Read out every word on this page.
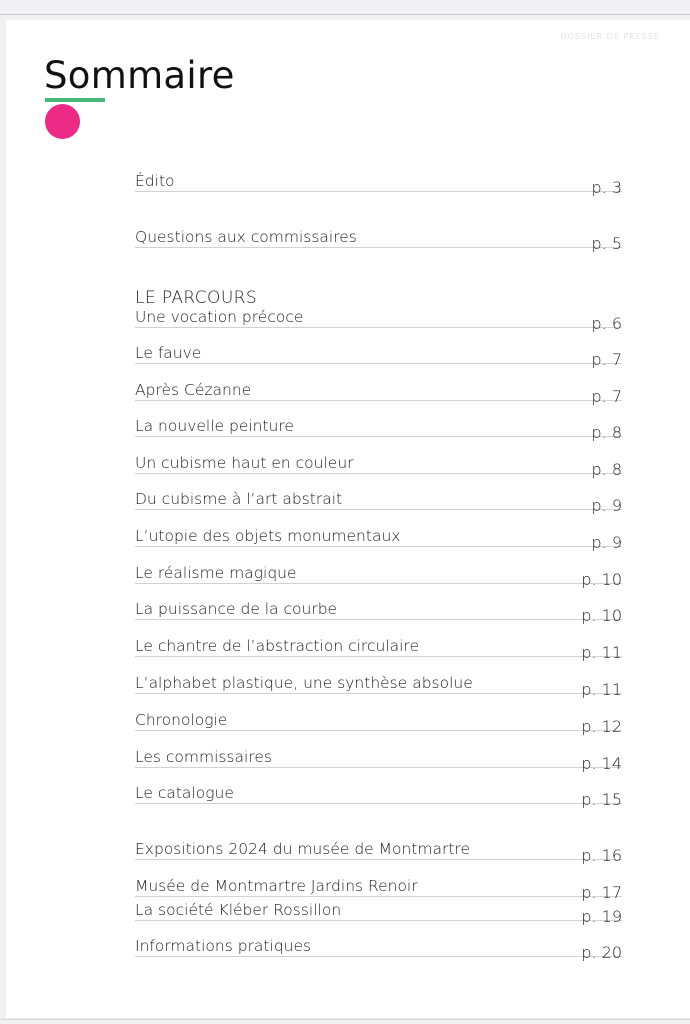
DOSSIER DE PRESSE
Sommaire
LE PARCOURS
Édito	p. 3
Questions aux commissaires	p. 5
Une vocation précoce	p. 6
Le fauve	p. 7
Après Cézanne	p. 7
La nouvelle peinture	p. 8
Un cubisme haut en couleur	p. 8
Du cubisme à l’art abstrait	p. 9
L’utopie des objets monumentaux	p. 9
Le réalisme magique	p. 10
La puissance de la courbe	p. 10
Le chantre de l’abstraction circulaire	p. 11
L’alphabet plastique, une synthèse absolue	p. 11
Chronologie	p. 12
Les commissaires	p. 14
Le catalogue	p. 15
Expositions 2024 du musée de Montmartre	p. 16
Musée de Montmartre Jardins Renoir	p. 17
La société Kléber Rossillon	p. 19
Informations pratiques	p. 20
